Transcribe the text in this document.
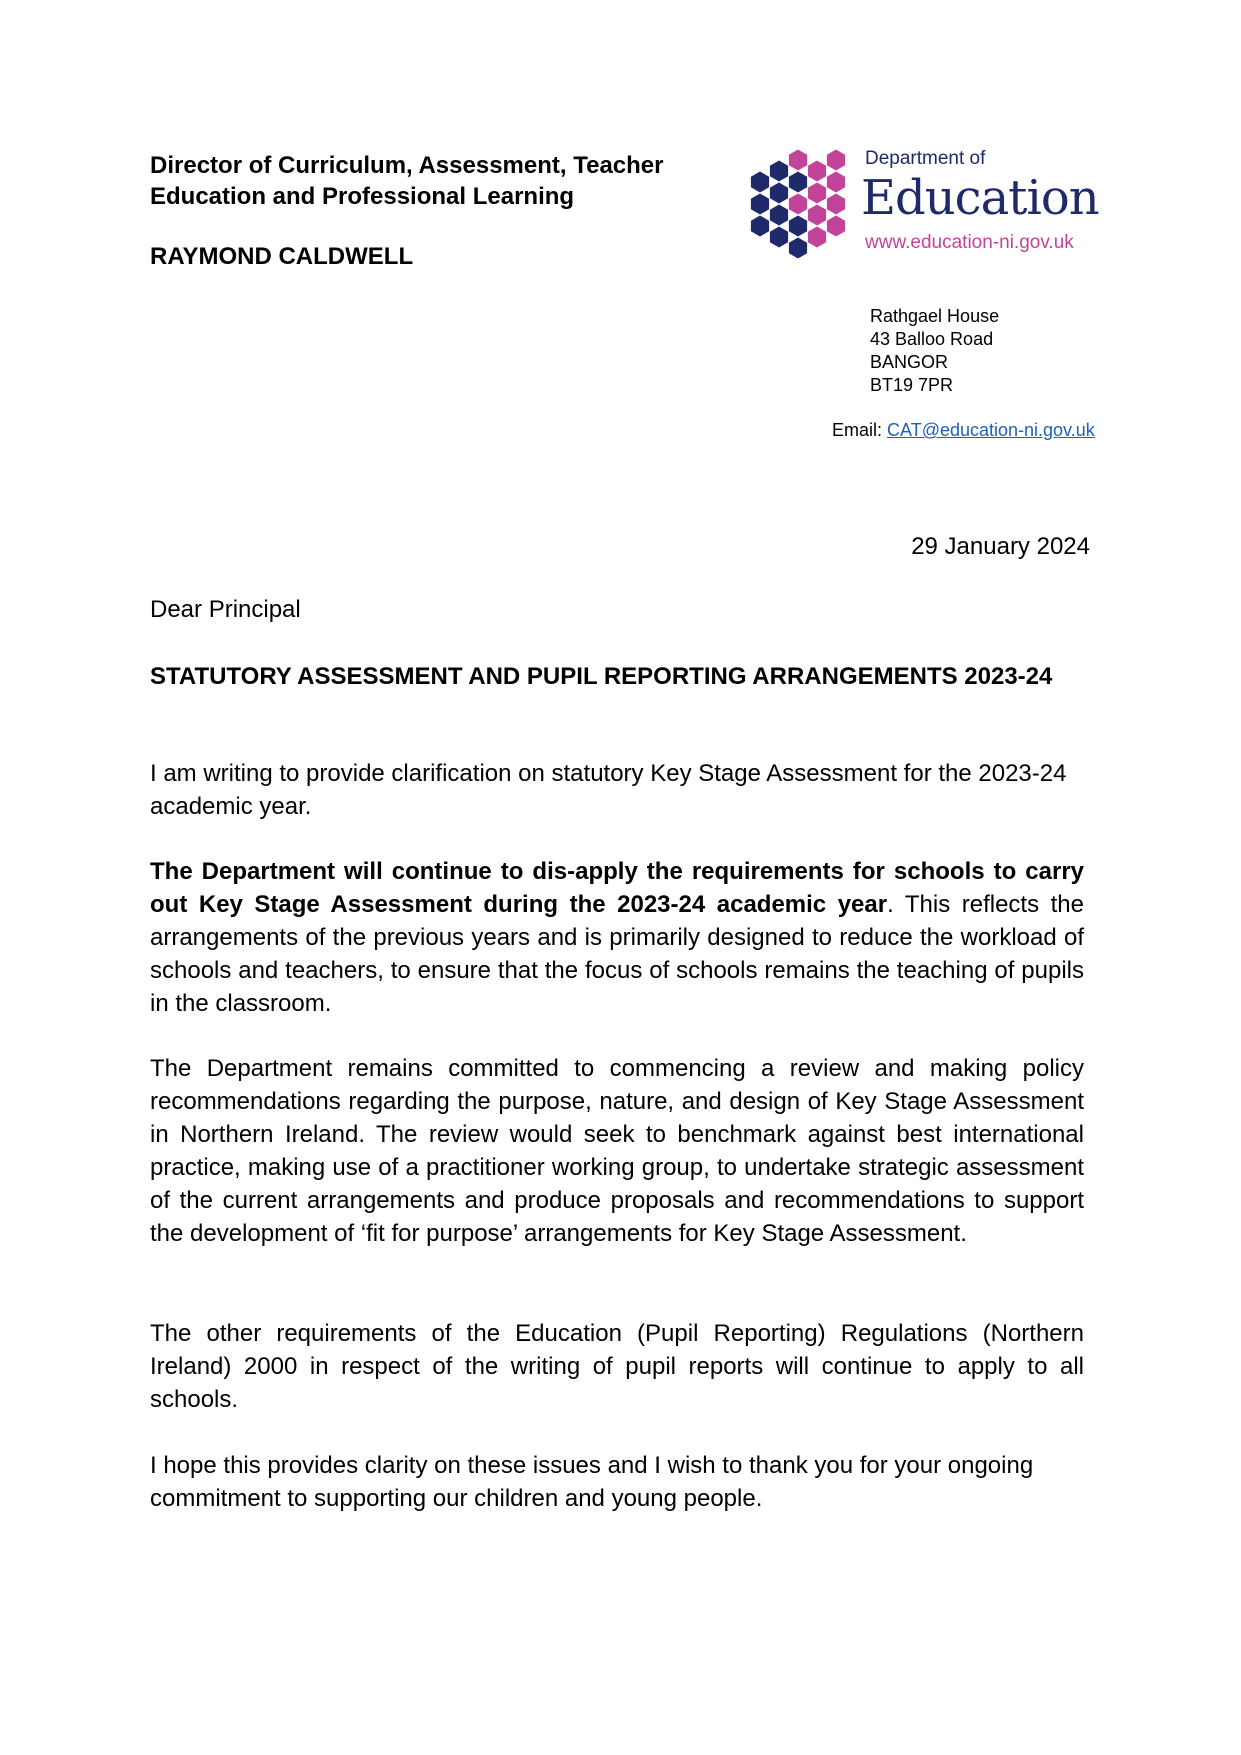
Director of Curriculum, Assessment, Teacher Education and Professional Learning
RAYMOND CALDWELL
Department of
Education
www.education-ni.gov.uk
Rathgael House
43 Balloo Road
BANGOR
BT19 7PR
Email: CAT@education-ni.gov.uk
29 January 2024
Dear Principal
STATUTORY ASSESSMENT AND PUPIL REPORTING ARRANGEMENTS 2023-24
I am writing to provide clarification on statutory Key Stage Assessment for the 2023-24 academic year.
The Department will continue to dis-apply the requirements for schools to carry out Key Stage Assessment during the 2023-24 academic year. This reflects the arrangements of the previous years and is primarily designed to reduce the workload of schools and teachers, to ensure that the focus of schools remains the teaching of pupils in the classroom.
The Department remains committed to commencing a review and making policy recommendations regarding the purpose, nature, and design of Key Stage Assessment in Northern Ireland. The review would seek to benchmark against best international practice, making use of a practitioner working group, to undertake strategic assessment of the current arrangements and produce proposals and recommendations to support the development of ‘fit for purpose’ arrangements for Key Stage Assessment.
The other requirements of the Education (Pupil Reporting) Regulations (Northern Ireland) 2000 in respect of the writing of pupil reports will continue to apply to all schools.
I hope this provides clarity on these issues and I wish to thank you for your ongoing commitment to supporting our children and young people.
